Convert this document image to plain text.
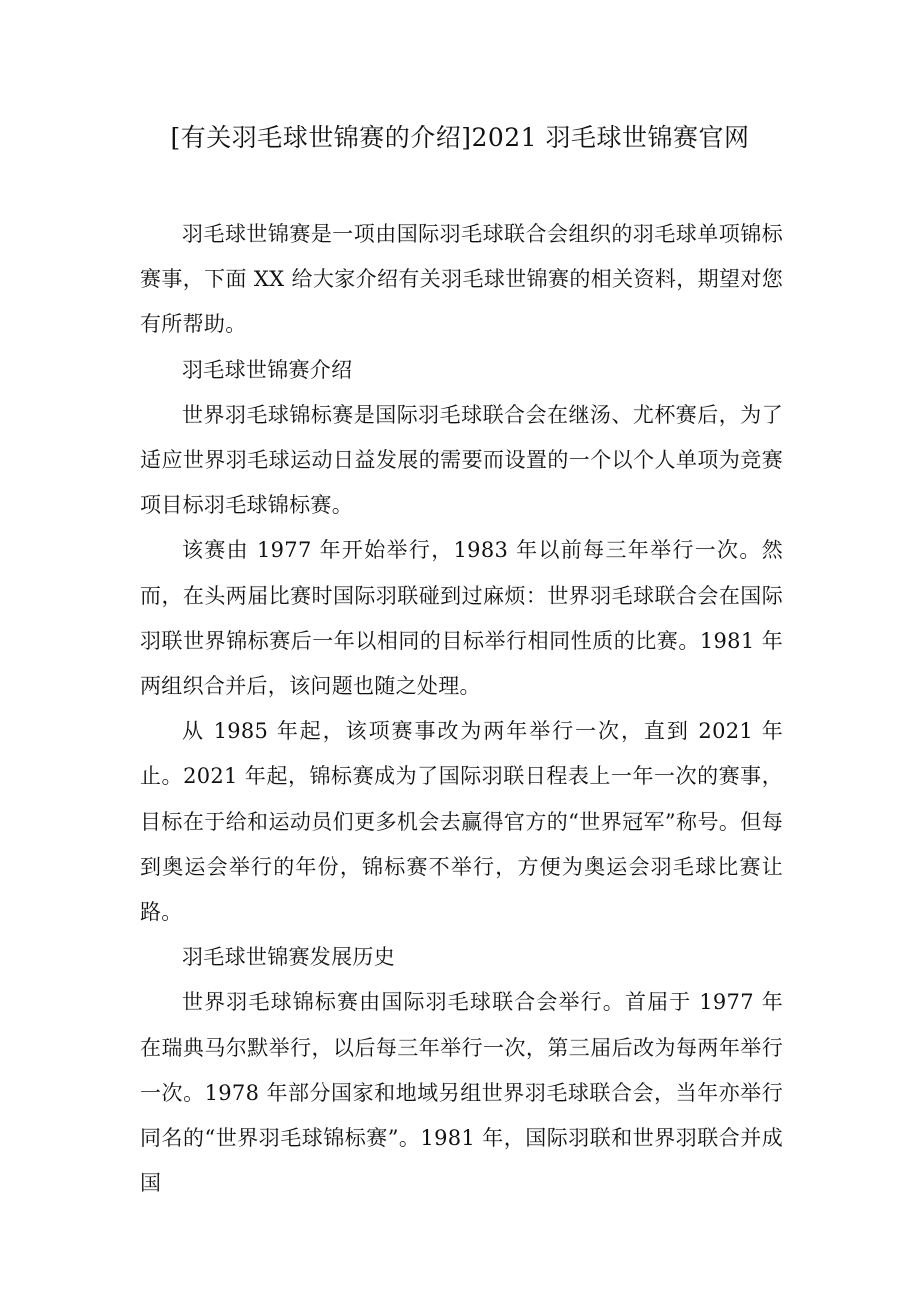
[有关羽毛球世锦赛的介绍]2021 羽毛球世锦赛官网

羽毛球世锦赛是一项由国际羽毛球联合会组织的羽毛球单项锦标赛事，下面 XX 给大家介绍有关羽毛球世锦赛的相关资料，期望对您有所帮助。

羽毛球世锦赛介绍

世界羽毛球锦标赛是国际羽毛球联合会在继汤、尤杯赛后，为了适应世界羽毛球运动日益发展的需要而设置的一个以个人单项为竞赛项目标羽毛球锦标赛。

该赛由 1977 年开始举行，1983 年以前每三年举行一次。然而，在头两届比赛时国际羽联碰到过麻烦：世界羽毛球联合会在国际羽联世界锦标赛后一年以相同的目标举行相同性质的比赛。1981 年两组织合并后，该问题也随之处理。

从 1985 年起，该项赛事改为两年举行一次，直到 2021 年止。2021 年起，锦标赛成为了国际羽联日程表上一年一次的赛事，目标在于给和运动员们更多机会去赢得官方的“世界冠军”称号。但每到奥运会举行的年份，锦标赛不举行，方便为奥运会羽毛球比赛让路。

羽毛球世锦赛发展历史

世界羽毛球锦标赛由国际羽毛球联合会举行。首届于 1977 年在瑞典马尔默举行，以后每三年举行一次，第三届后改为每两年举行一次。1978 年部分国家和地域另组世界羽毛球联合会，当年亦举行同名的“世界羽毛球锦标赛”。1981 年，国际羽联和世界羽联合并成国
